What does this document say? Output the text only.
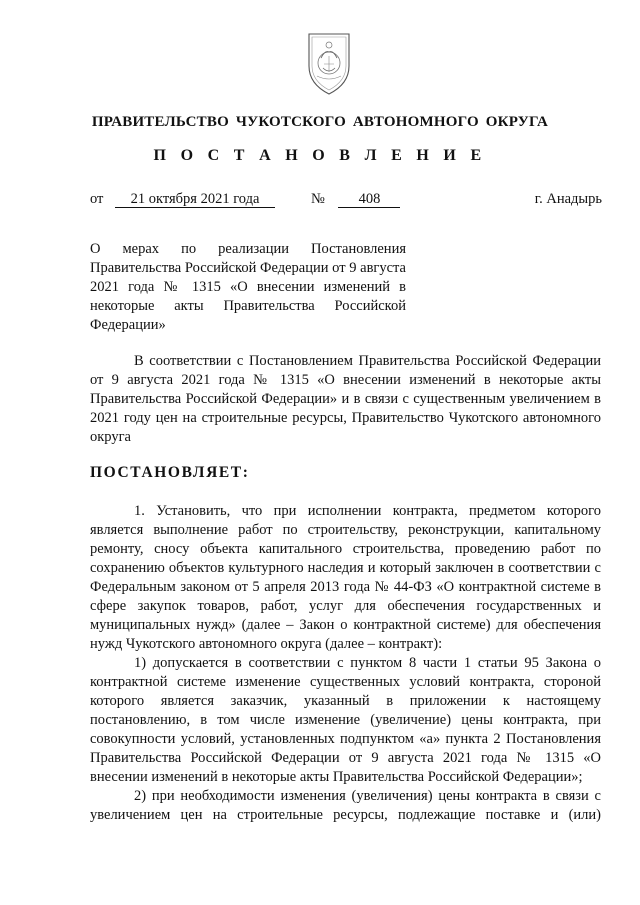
ПРАВИТЕЛЬСТВО ЧУКОТСКОГО АВТОНОМНОГО ОКРУГА
П О С Т А Н О В Л Е Н И Е
от 21 октября 2021 года	№ 408	г. Анадырь
О мерах по реализации Постановления Правительства Российской Федерации от 9 августа 2021 года № 1315 «О внесении изменений в некоторые акты Правительства Российской Федерации»

В соответствии с Постановлением Правительства Российской Федерации от 9 августа 2021 года № 1315 «О внесении изменений в некоторые акты Правительства Российской Федерации» и в связи с существенным увеличением в 2021 году цен на строительные ресурсы, Правительство Чукотского автономного округа

ПОСТАНОВЛЯЕТ:

1. Установить, что при исполнении контракта, предметом которого является выполнение работ по строительству, реконструкции, капитальному ремонту, сносу объекта капитального строительства, проведению работ по сохранению объектов культурного наследия и который заключен в соответствии с Федеральным законом от 5 апреля 2013 года № 44-ФЗ «О контрактной системе в сфере закупок товаров, работ, услуг для обеспечения государственных и муниципальных нужд» (далее – Закон о контрактной системе) для обеспечения нужд Чукотского автономного округа (далее – контракт):

1) допускается в соответствии с пунктом 8 части 1 статьи 95 Закона о контрактной системе изменение существенных условий контракта, стороной которого является заказчик, указанный в приложении к настоящему постановлению, в том числе изменение (увеличение) цены контракта, при совокупности условий, установленных подпунктом «а» пункта 2 Постановления Правительства Российской Федерации от 9 августа 2021 года № 1315 «О внесении изменений в некоторые акты Правительства Российской Федерации»;

2) при необходимости изменения (увеличения) цены контракта в связи с увеличением цен на строительные ресурсы, подлежащие поставке и (или)
